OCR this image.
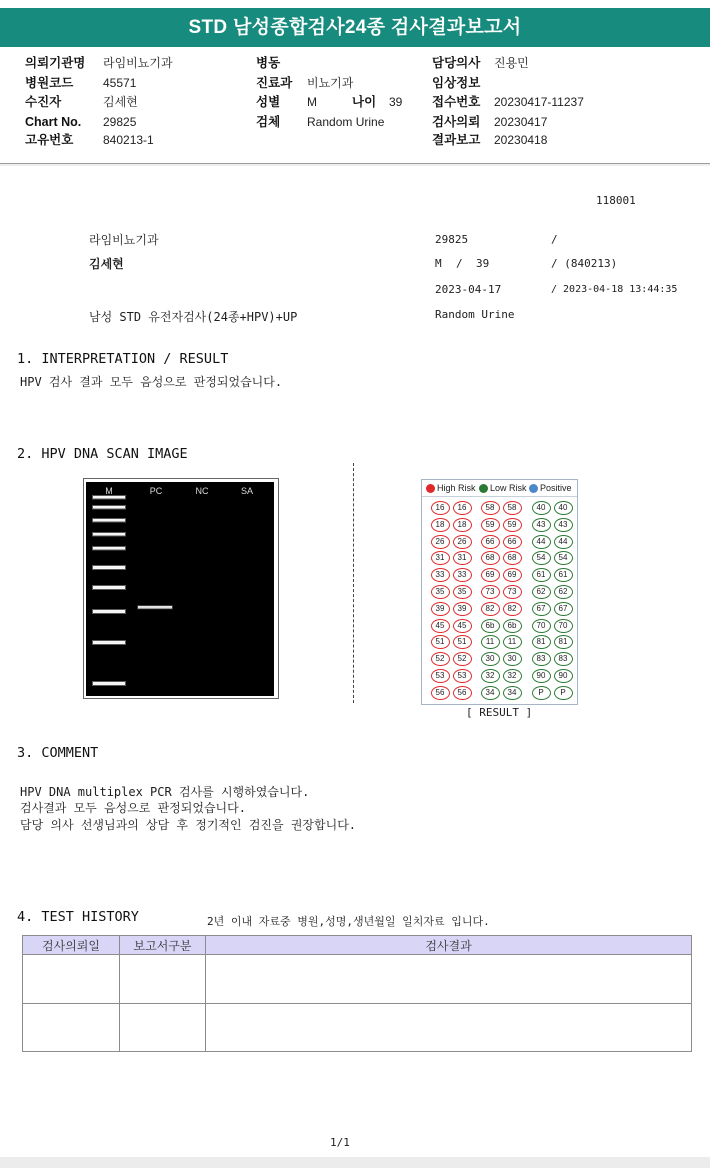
STD 남성종합검사24종 검사결과보고서
의뢰기관명 라임비뇨기과
병원코드 45571
수진자	김세현
Chart No. 29825
고유번호 840213-1
병동
진료과 비뇨기과
성별 M	나이 39
검체 Random Urine
담당의사 진용민
임상정보
접수번호 20230417-11237
검사의뢰 20230417
결과보고 20230418
118001
라임비뇨기과	29825	/
김세현	M / 39	/ (840213)
2023-04-17	/ 2023-04-18 13:44:35
남성 STD 유전자검사(24종+HPV)+UP	Random Urine
1. INTERPRETATION / RESULT
HPV 검사 결과 모두 음성으로 판정되었습니다.
2. HPV DNA SCAN IMAGE
M	PC	NC	SA	High Risk Low Risk Positive
16	16	58	58	40	40
18	18	59	59	43	43
26	26	66	66	44	44
31	31	68	68	54	54
33	33	69	69	61	61
35	35	73	73	62	62
39	39	82	82	67	67
45	45	6b	6b	70	70
51	51	11	11	81	81
52	52	30	30	83	83
53	53	32	32	90	90
56	56	34	34	P	P
[ RESULT ]
3. COMMENT
HPV DNA multiplex PCR 검사를 시행하였습니다.
검사결과 모두 음성으로 판정되었습니다.
담당 의사 선생님과의 상담 후 정기적인 검진을 권장합니다.
4. TEST HISTORY	2년 이내 자료중 병원,성명,생년월일 일치자료 입니다.
검사의뢰일	보고서구분	검사결과

1/1
